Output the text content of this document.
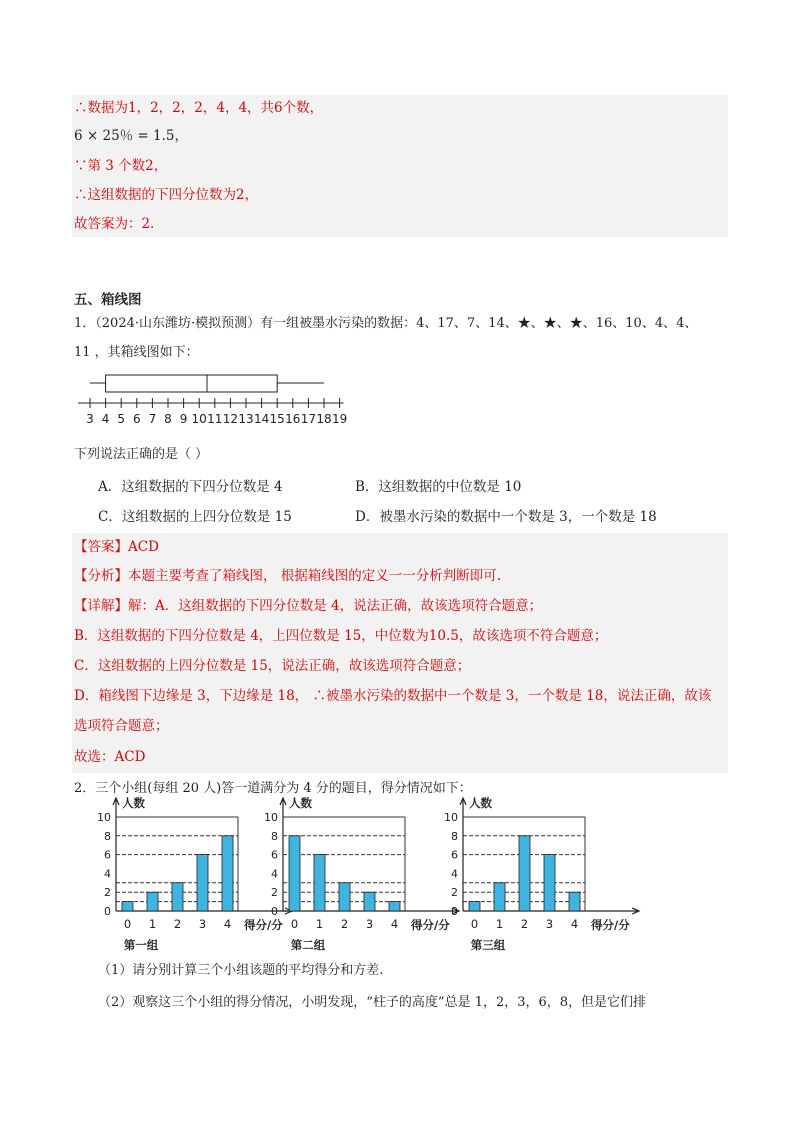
∴数据为1，2，2，2，4，4，共6个数，
6 × 25％ = 1.5，
∵第 3 个数2，
∴这组数据的下四分位数为2，
故答案为：2．
五、箱线图
1．（2024·山东潍坊·模拟预测）有一组被墨水污染的数据：4、17、7、14、★、★、★、16、10、4、4、
11 ，其箱线图如下：
3 4 5 6 7 8 9 10 11 12 13 14 15 16 17 18 19
下列说法正确的是（ ）
A．这组数据的下四分位数是 4	B．这组数据的中位数是 10
C．这组数据的上四分位数是 15	D．被墨水污染的数据中一个数是 3，一个数是 18
【答案】ACD
【分析】本题主要考查了箱线图， 根据箱线图的定义一一分析判断即可.
【详解】解：A．这组数据的下四分位数是 4，说法正确，故该选项符合题意；
B．这组数据的下四分位数是 4，上四位数是 15，中位数为10.5，故该选项不符合题意；
C．这组数据的上四分位数是 15，说法正确，故该选项符合题意；
D．箱线图下边缘是 3，下边缘是 18， ∴被墨水污染的数据中一个数是 3，一个数是 18，说法正确，故该
选项符合题意；
故选：ACD
2．三个小组(每组 20 人)答一道满分为 4 分的题目，得分情况如下：
0
2
4
6
8
10
人数
0 1 2 3 4 得分/分
第一组
0
2
4
6
8
10
人数
0 1 2 3 4 得分/分
第二组
0
2
4
6
8
10
人数
0 1 2 3 4 得分/分
第三组
（1）请分别计算三个小组该题的平均得分和方差.
（2）观察这三个小组的得分情况，小明发现，“柱子的高度”总是 1，2，3，6，8，但是它们排
